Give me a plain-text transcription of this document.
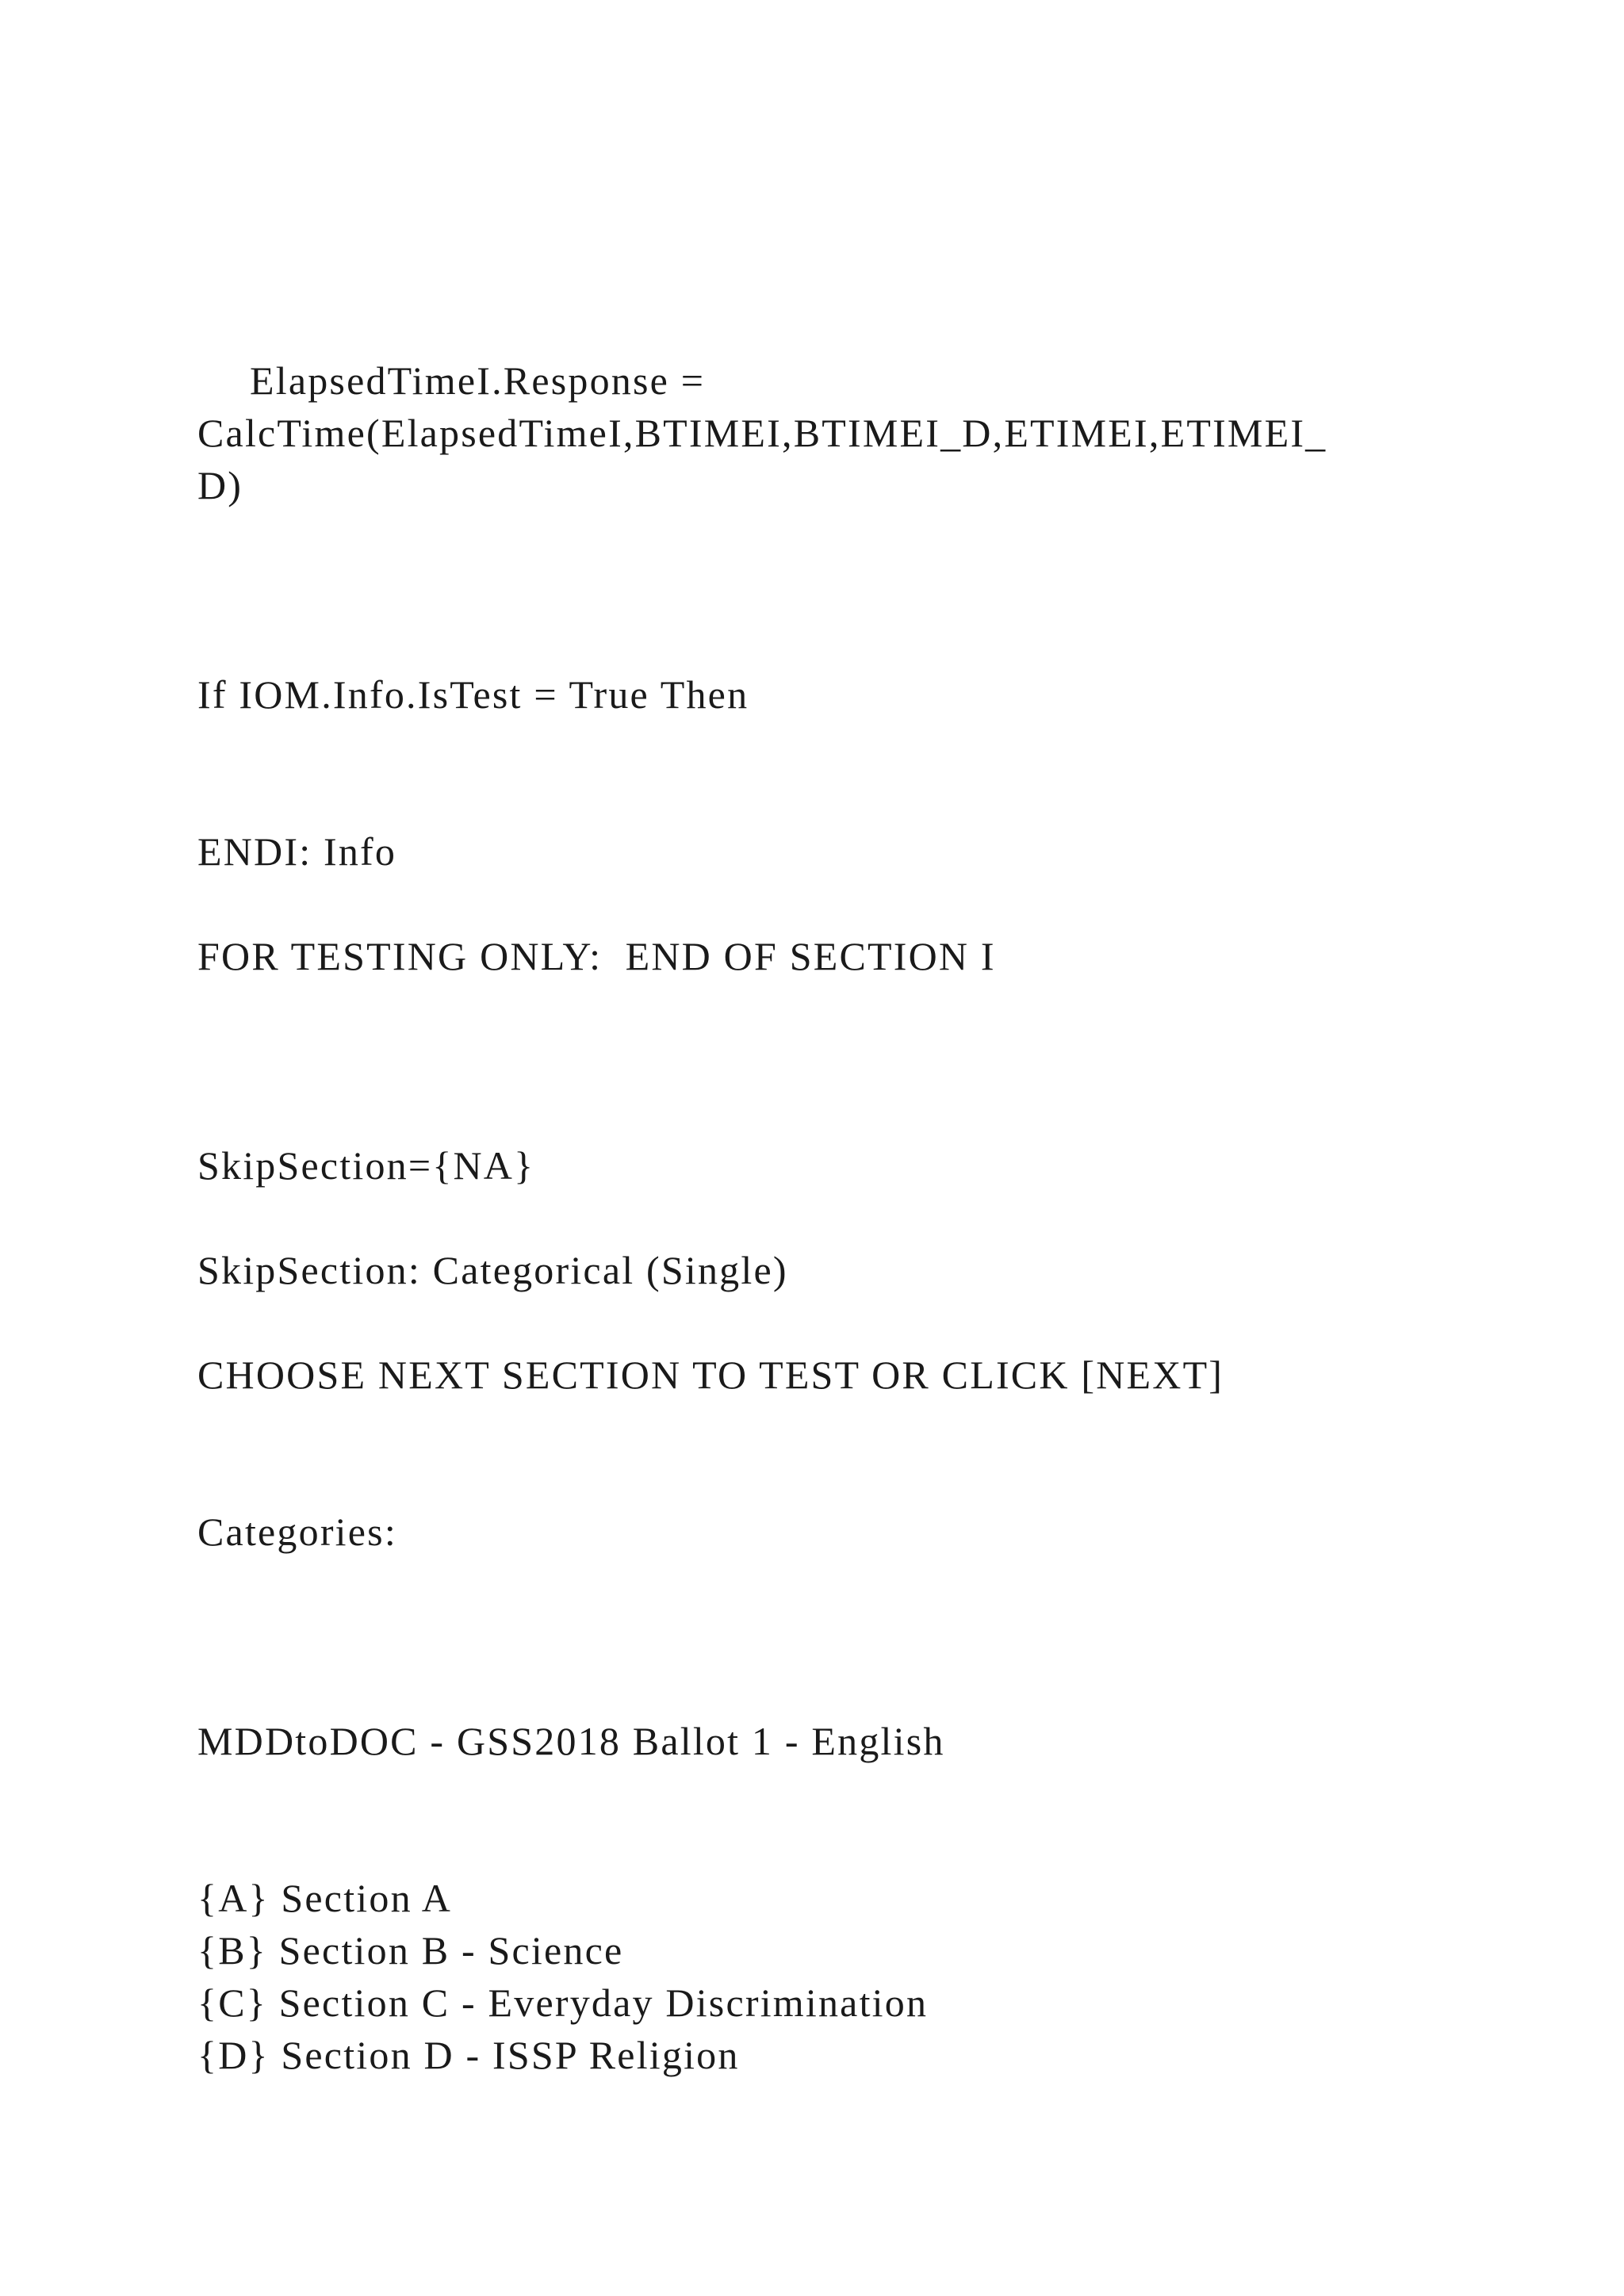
ElapsedTimeI.Response =
CalcTime(ElapsedTimeI,BTIMEI,BTIMEI_D,ETIMEI,ETIMEI_
D)
If IOM.Info.IsTest = True Then
ENDI: Info
FOR TESTING ONLY:  END OF SECTION I
SkipSection={NA}
SkipSection: Categorical (Single)
CHOOSE NEXT SECTION TO TEST OR CLICK [NEXT]
Categories:
MDDtoDOC - GSS2018 Ballot 1 - English
{A} Section A
{B} Section B - Science
{C} Section C - Everyday Discrimination
{D} Section D - ISSP Religion
